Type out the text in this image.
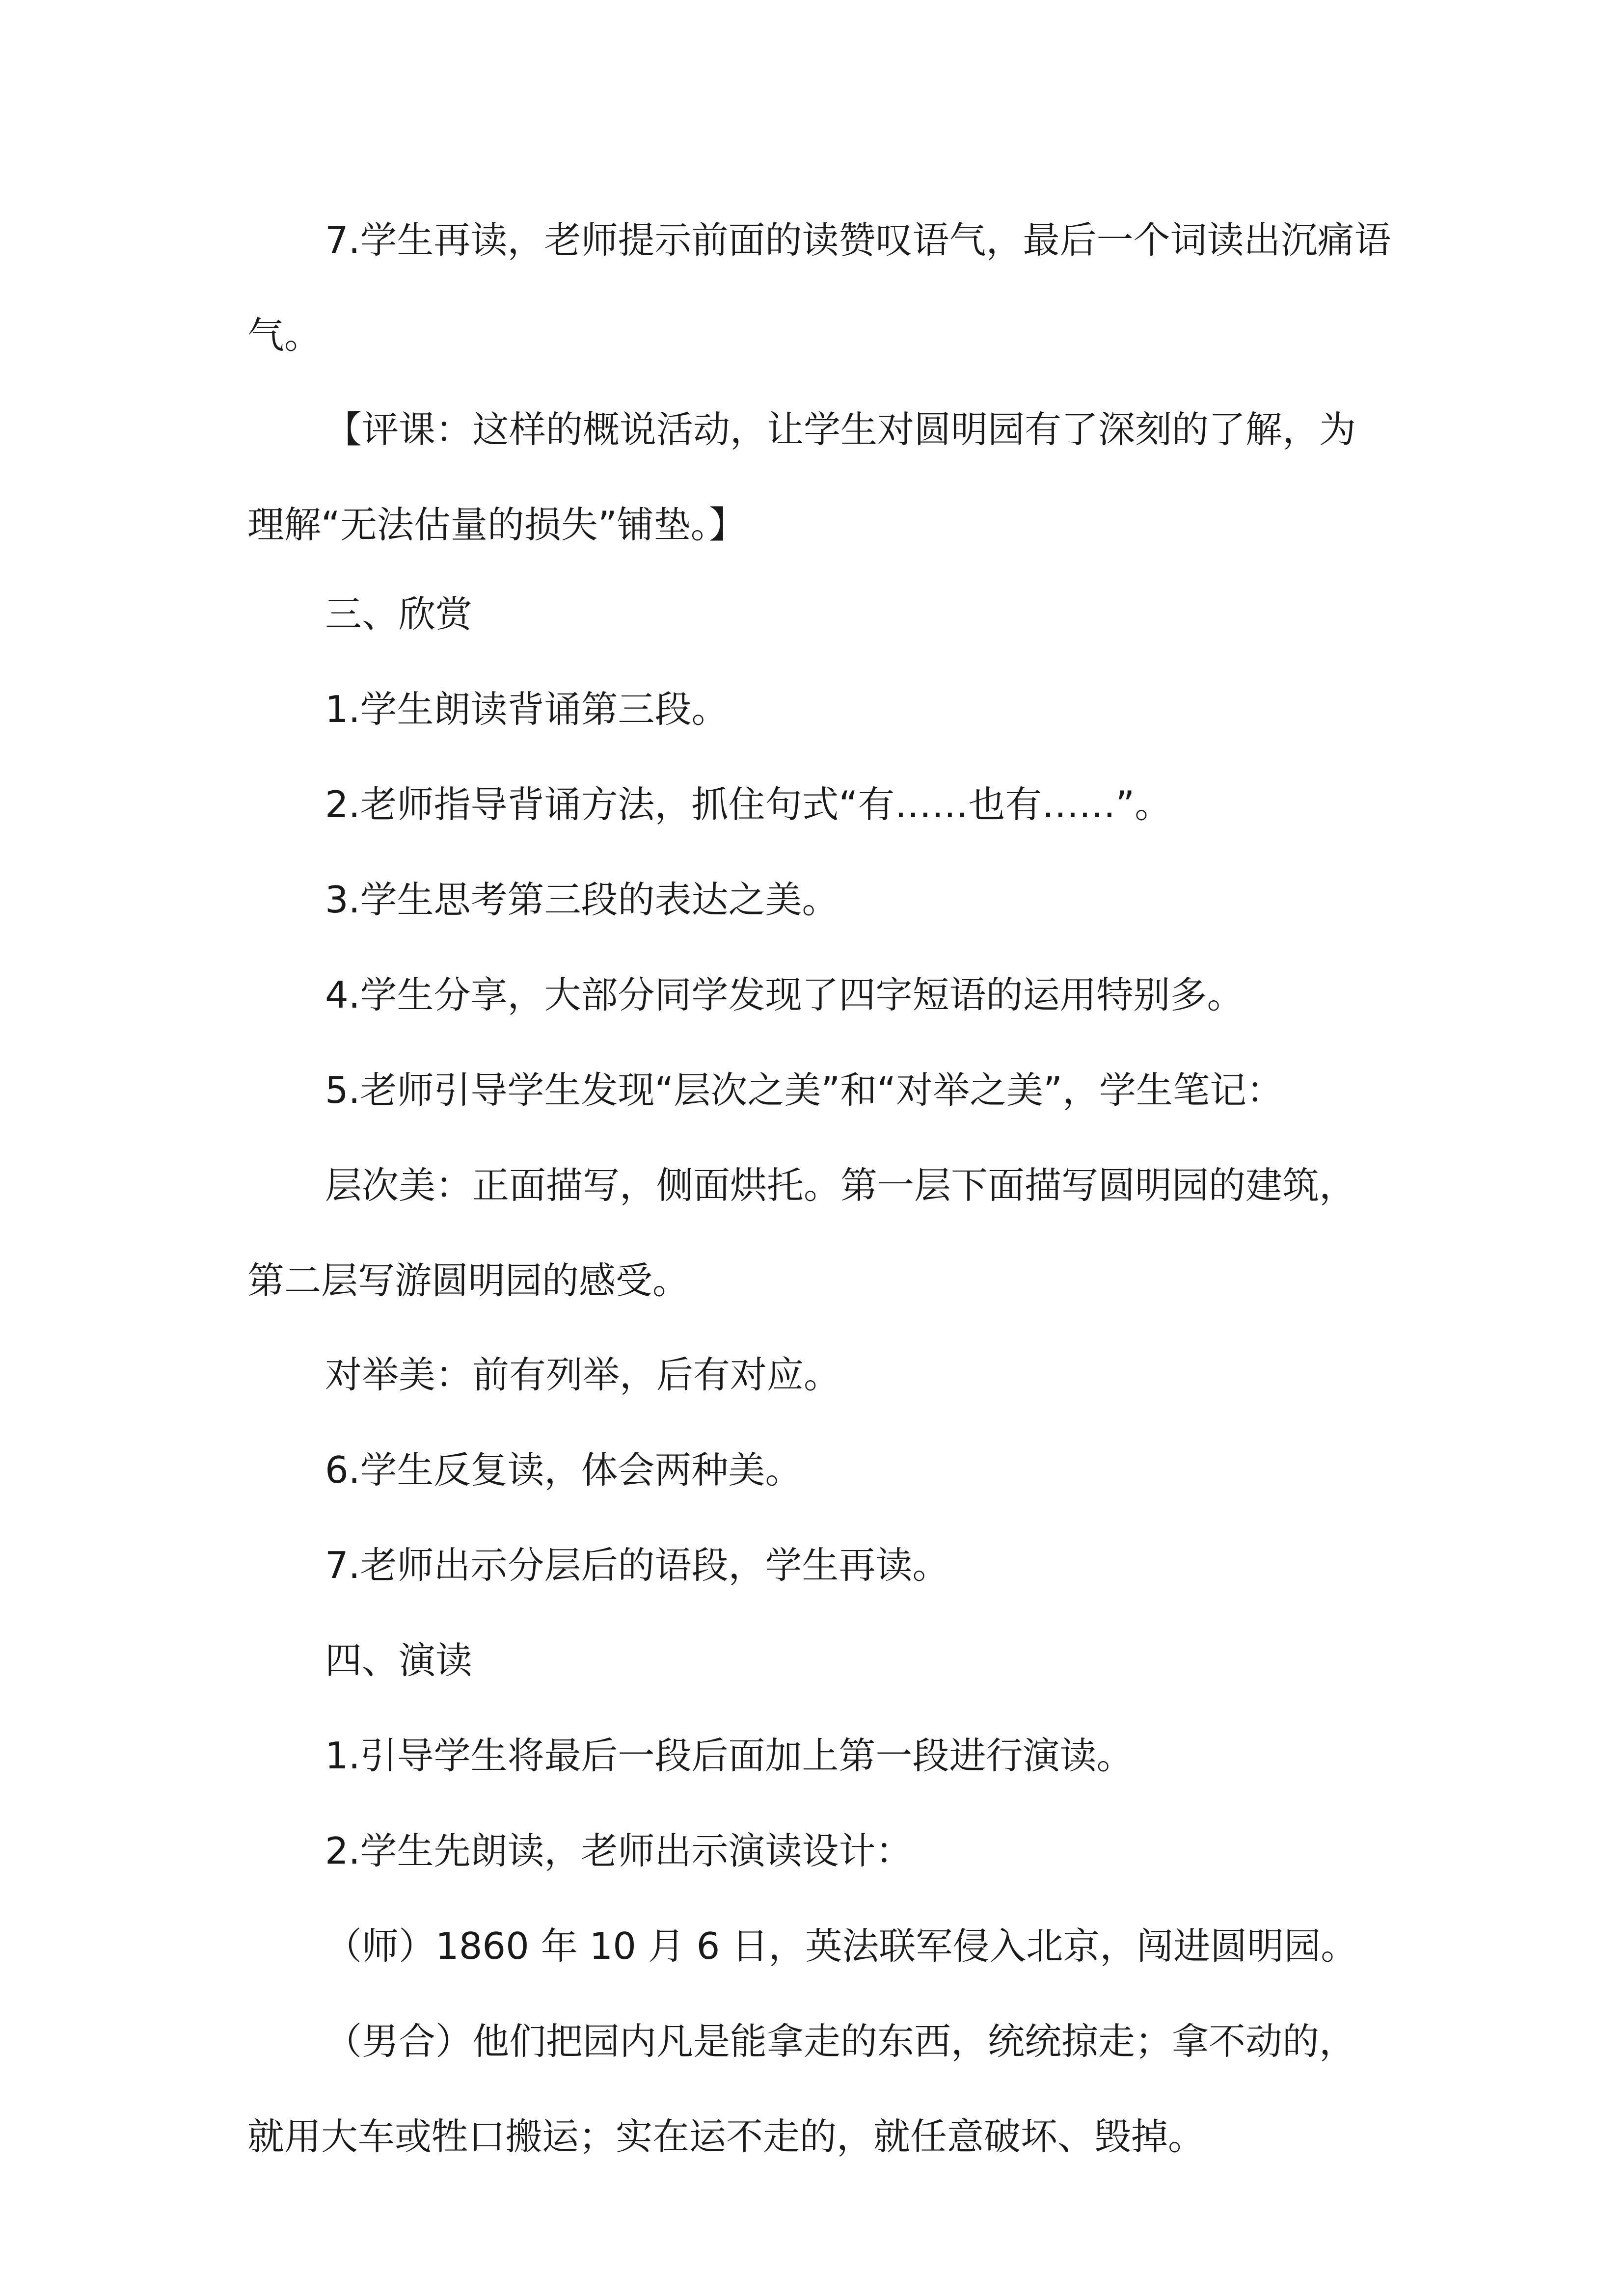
7.学生再读，老师提示前面的读赞叹语气，最后一个词读出沉痛语气。

【评课：这样的概说活动，让学生对圆明园有了深刻的了解，为理解“无法估量的损失”铺垫。】

三、欣赏

1.学生朗读背诵第三段。

2.老师指导背诵方法，抓住句式“有……也有……”。

3.学生思考第三段的表达之美。

4.学生分享，大部分同学发现了四字短语的运用特别多。

5.老师引导学生发现“层次之美”和“对举之美”，学生笔记：

层次美：正面描写，侧面烘托。第一层下面描写圆明园的建筑，第二层写游圆明园的感受。

对举美：前有列举，后有对应。

6.学生反复读，体会两种美。

7.老师出示分层后的语段，学生再读。

四、演读

1.引导学生将最后一段后面加上第一段进行演读。

2.学生先朗读，老师出示演读设计：

（师）1860 年 10 月 6 日，英法联军侵入北京，闯进圆明园。

（男合）他们把园内凡是能拿走的东西，统统掠走；拿不动的，就用大车或牲口搬运；实在运不走的，就任意破坏、毁掉。
